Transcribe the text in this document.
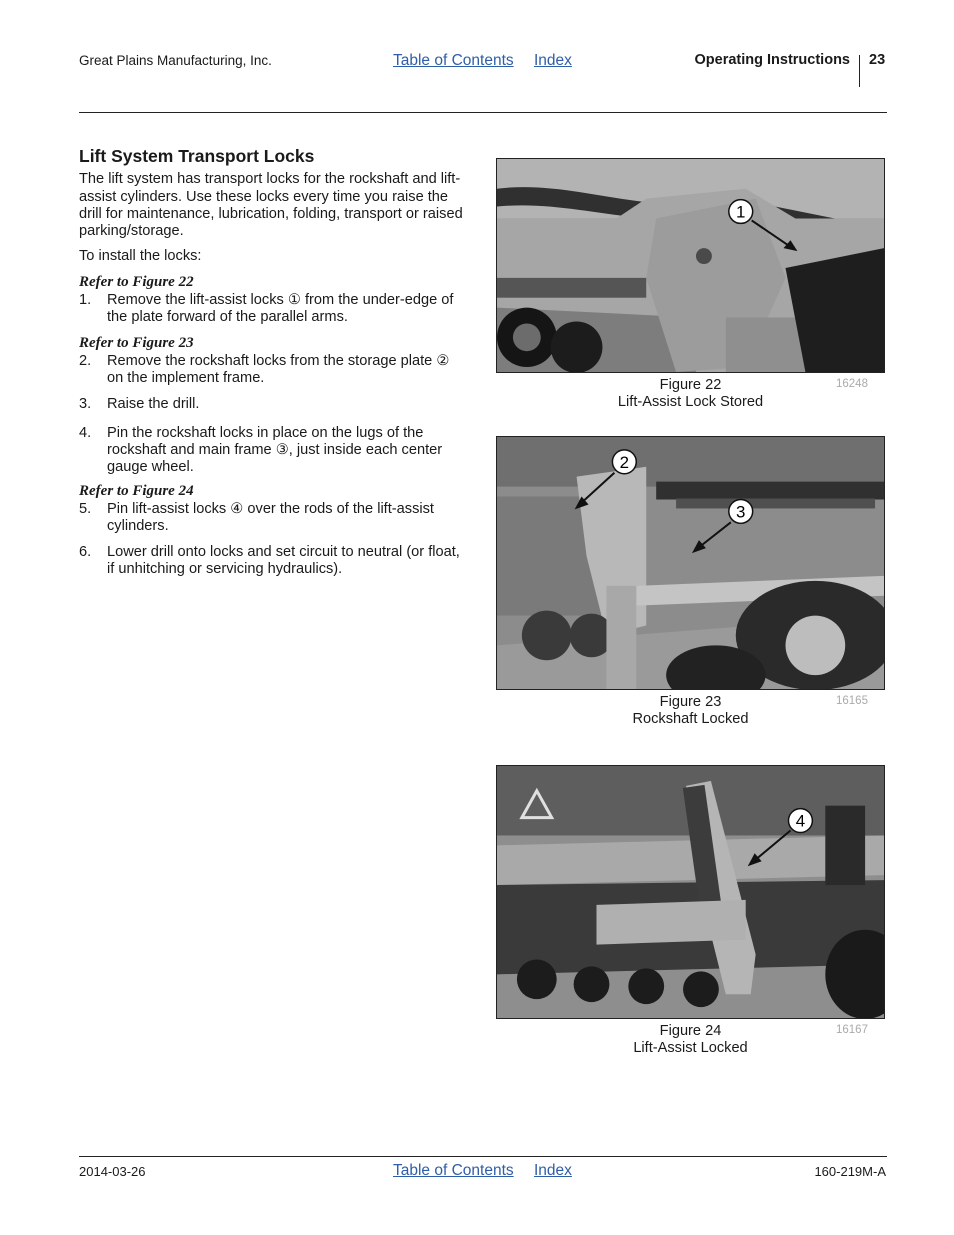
Great Plains Manufacturing, Inc.	Table of Contents Index	Operating Instructions 23
Lift System Transport Locks

The lift system has transport locks for the rockshaft and lift-assist cylinders. Use these locks every time you raise the drill for maintenance, lubrication, folding, transport or raised parking/storage.

To install the locks:

Refer to Figure 22
1.	Remove the lift-assist locks ① from the under-edge of the plate forward of the parallel arms.
Refer to Figure 23
2.	Remove the rockshaft locks from the storage plate ② on the implement frame.
3.	Raise the drill.
4.	Pin the rockshaft locks in place on the lugs of the rockshaft and main frame ③, just inside each center gauge wheel.
Refer to Figure 24
5.	Pin lift-assist locks ④ over the rods of the lift-assist cylinders.
6.	Lower drill onto locks and set circuit to neutral (or float, if unhitching or servicing hydraulics).
1
Figure 22
Lift-Assist Lock Stored
16248
2
3
Figure 23
Rockshaft Locked
16165
4
Figure 24
Lift-Assist Locked
16167
2014-03-26	Table of Contents Index	160-219M-A
